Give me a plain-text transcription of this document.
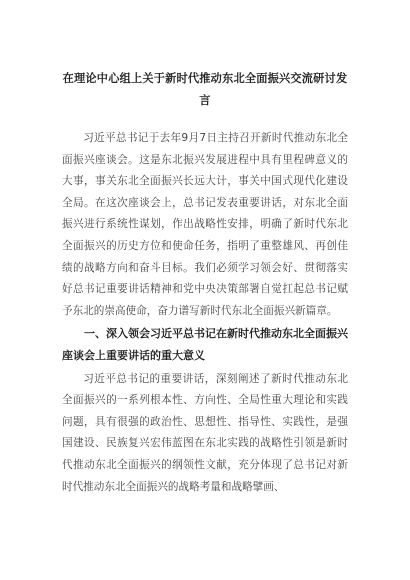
在理论中心组上关于新时代推动东北全面振兴交流研讨发言

习近平总书记于去年9月7日主持召开新时代推动东北全面振兴座谈会。这是东北振兴发展进程中具有里程碑意义的大事，事关东北全面振兴长远大计，事关中国式现代化建设全局。在这次座谈会上，总书记发表重要讲话，对东北全面振兴进行系统性谋划，作出战略性安排，明确了新时代东北全面振兴的历史方位和使命任务，指明了重整雄风、再创佳绩的战略方向和奋斗目标。我们必须学习领会好、贯彻落实好总书记重要讲话精神和党中央决策部署自觉扛起总书记赋予东北的崇高使命，奋力谱写新时代东北全面振兴新篇章。

一、深入领会习近平总书记在新时代推动东北全面振兴座谈会上重要讲话的重大意义

习近平总书记的重要讲话，深刻阐述了新时代推动东北全面振兴的一系列根本性、方向性、全局性重大理论和实践问题，具有很强的政治性、思想性、指导性、实践性，是强国建设、民族复兴宏伟蓝图在东北实践的战略性引领是新时代推动东北全面振兴的纲领性文献，充分体现了总书记对新时代推动东北全面振兴的战略考量和战略擘画、
